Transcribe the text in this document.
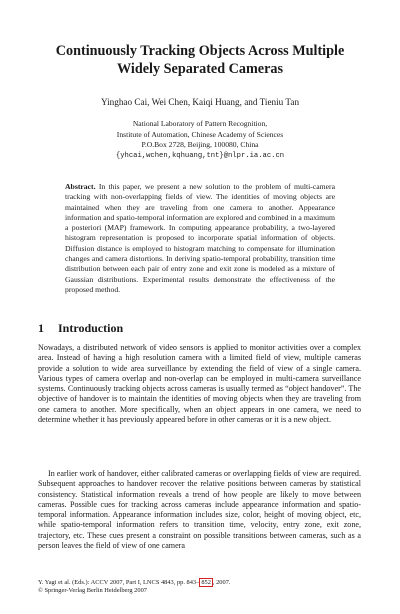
Continuously Tracking Objects Across Multiple
Widely Separated Cameras
Yinghao Cai, Wei Chen, Kaiqi Huang, and Tieniu Tan
National Laboratory of Pattern Recognition,
Institute of Automation, Chinese Academy of Sciences
P.O.Box 2728, Beijing, 100080, China
{yhcai,wchen,kqhuang,tnt}@nlpr.ia.ac.cn

Abstract. In this paper, we present a new solution to the problem of multi-camera tracking with non-overlapping fields of view. The identities of moving objects are maintained when they are traveling from one camera to another. Appearance information and spatio-temporal information are explored and combined in a maximum a posteriori (MAP) framework. In computing appearance probability, a two-layered histogram representation is proposed to incorporate spatial information of objects. Diffusion distance is employed to histogram matching to compensate for illumination changes and camera distortions. In deriving spatio-temporal probability, transition time distribution between each pair of entry zone and exit zone is modeled as a mixture of Gaussian distributions. Experimental results demonstrate the effectiveness of the proposed method.

1 Introduction

Nowadays, a distributed network of video sensors is applied to monitor activities over a complex area. Instead of having a high resolution camera with a limited field of view, multiple cameras provide a solution to wide area surveillance by extending the field of view of a single camera. Various types of camera overlap and non-overlap can be employed in multi-camera surveillance systems. Continuously tracking objects across cameras is usually termed as “object handover”. The objective of handover is to maintain the identities of moving objects when they are traveling from one camera to another. More specifically, when an object appears in one camera, we need to determine whether it has previously appeared before in other cameras or it is a new object.

In earlier work of handover, either calibrated cameras or overlapping fields of view are required. Subsequent approaches to handover recover the relative positions between cameras by statistical consistency. Statistical information reveals a trend of how people are likely to move between cameras. Possible cues for tracking across cameras include appearance information and spatio-temporal information. Appearance information includes size, color, height of moving object, etc, while spatio-temporal information refers to transition time, velocity, entry zone, exit zone, trajectory, etc. These cues present a constraint on possible transitions between cameras, such as a person leaves the field of view of one camera

Y. Yagi et al. (Eds.): ACCV 2007, Part I, LNCS 4843, pp. 843– 852 , 2007.
© Springer-Verlag Berlin Heidelberg 2007
